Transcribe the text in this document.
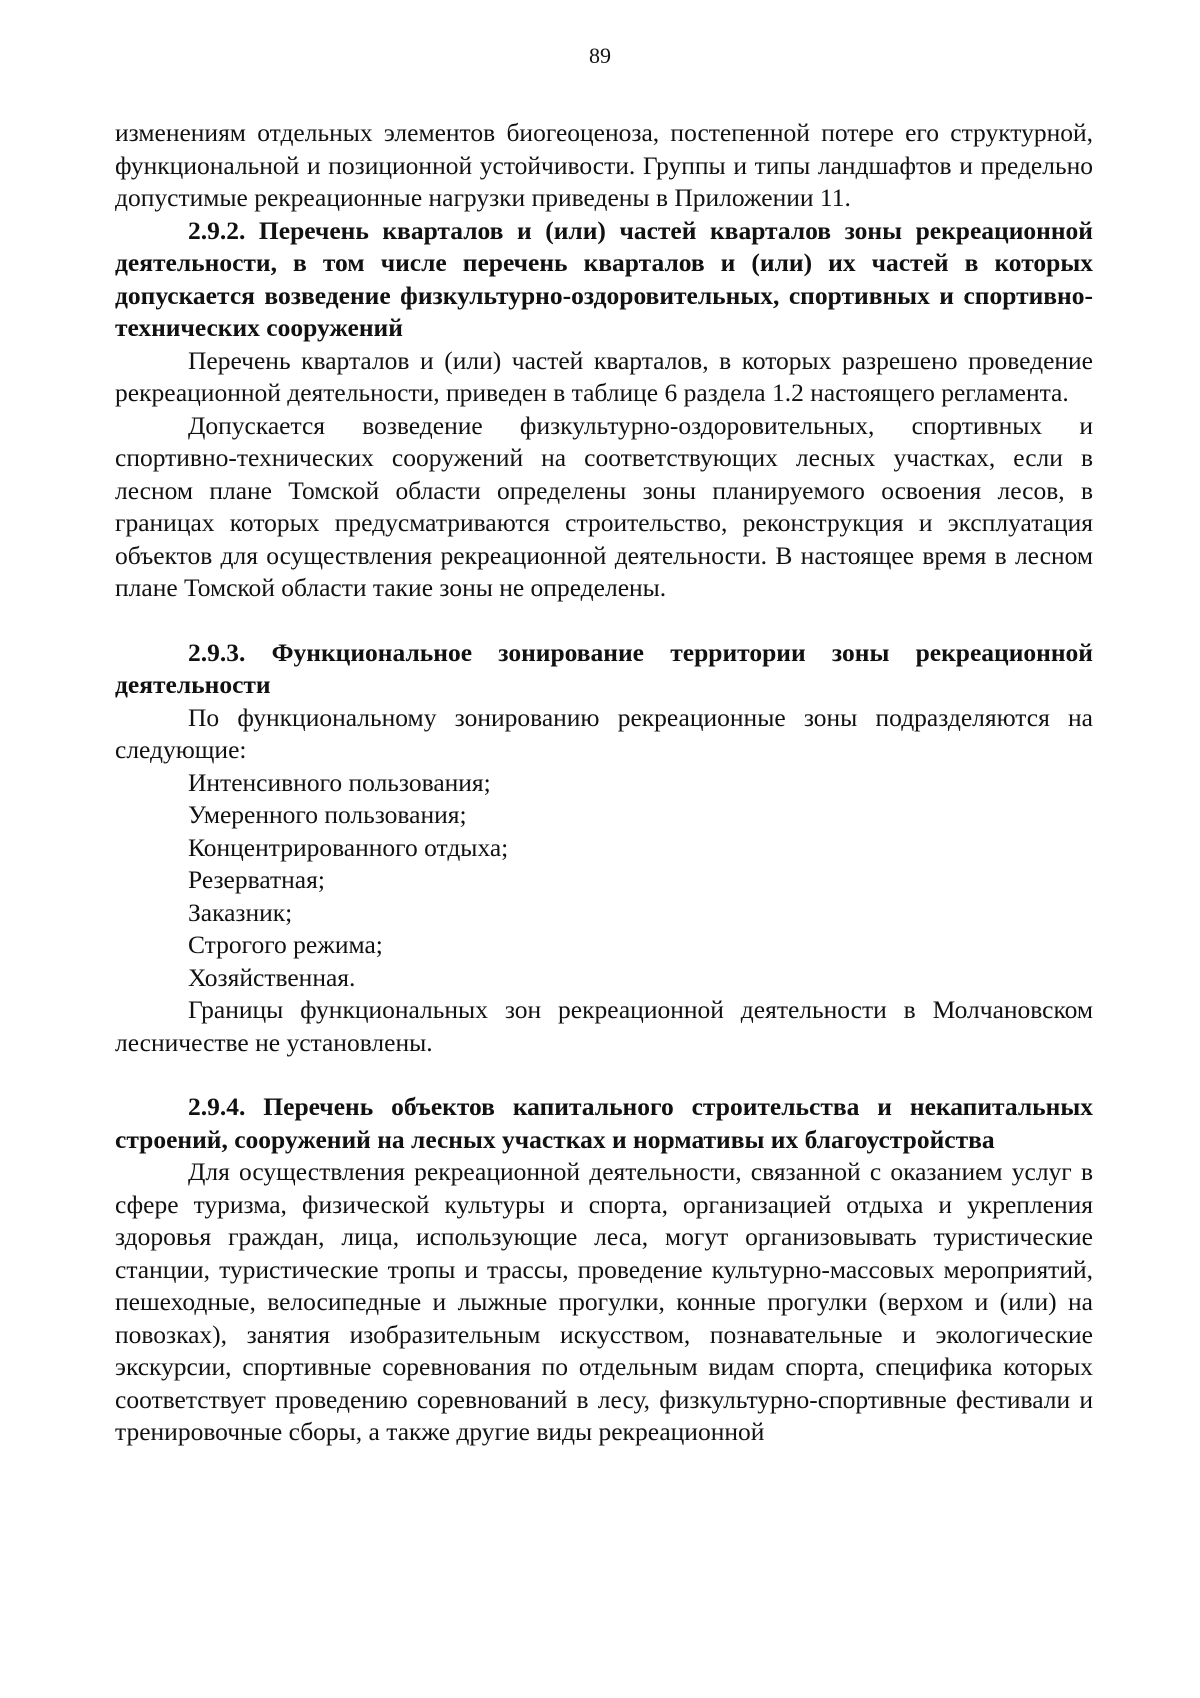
89

изменениям отдельных элементов биогеоценоза, постепенной потере его структурной, функциональной и позиционной устойчивости. Группы и типы ландшафтов и предельно допустимые рекреационные нагрузки приведены в Приложении 11.

2.9.2. Перечень кварталов и (или) частей кварталов зоны рекреационной деятельности, в том числе перечень кварталов и (или) их частей в которых допускается возведение физкультурно-оздоровительных, спортивных и спортивно-технических сооружений

Перечень кварталов и (или) частей кварталов, в которых разрешено проведение рекреационной деятельности, приведен в таблице 6 раздела 1.2 настоящего регламента.

Допускается возведение физкультурно-оздоровительных, спортивных и спортивно-технических сооружений на соответствующих лесных участках, если в лесном плане Томской области определены зоны планируемого освоения лесов, в границах которых предусматриваются строительство, реконструкция и эксплуатация объектов для осуществления рекреационной деятельности. В настоящее время в лесном плане Томской области такие зоны не определены.

2.9.3. Функциональное зонирование территории зоны рекреационной деятельности

По функциональному зонированию рекреационные зоны подразделяются на следующие:

Интенсивного пользования;

Умеренного пользования;

Концентрированного отдыха;

Резерватная;

Заказник;

Строгого режима;

Хозяйственная.

Границы функциональных зон рекреационной деятельности в Молчановском лесничестве не установлены.

2.9.4. Перечень объектов капитального строительства и некапитальных строений, сооружений на лесных участках и нормативы их благоустройства

Для осуществления рекреационной деятельности, связанной с оказанием услуг в сфере туризма, физической культуры и спорта, организацией отдыха и укрепления здоровья граждан, лица, использующие леса, могут организовывать туристические станции, туристические тропы и трассы, проведение культурно-массовых мероприятий, пешеходные, велосипедные и лыжные прогулки, конные прогулки (верхом и (или) на повозках), занятия изобразительным искусством, познавательные и экологические экскурсии, спортивные соревнования по отдельным видам спорта, специфика которых соответствует проведению соревнований в лесу, физкультурно-спортивные фестивали и тренировочные сборы, а также другие виды рекреационной
